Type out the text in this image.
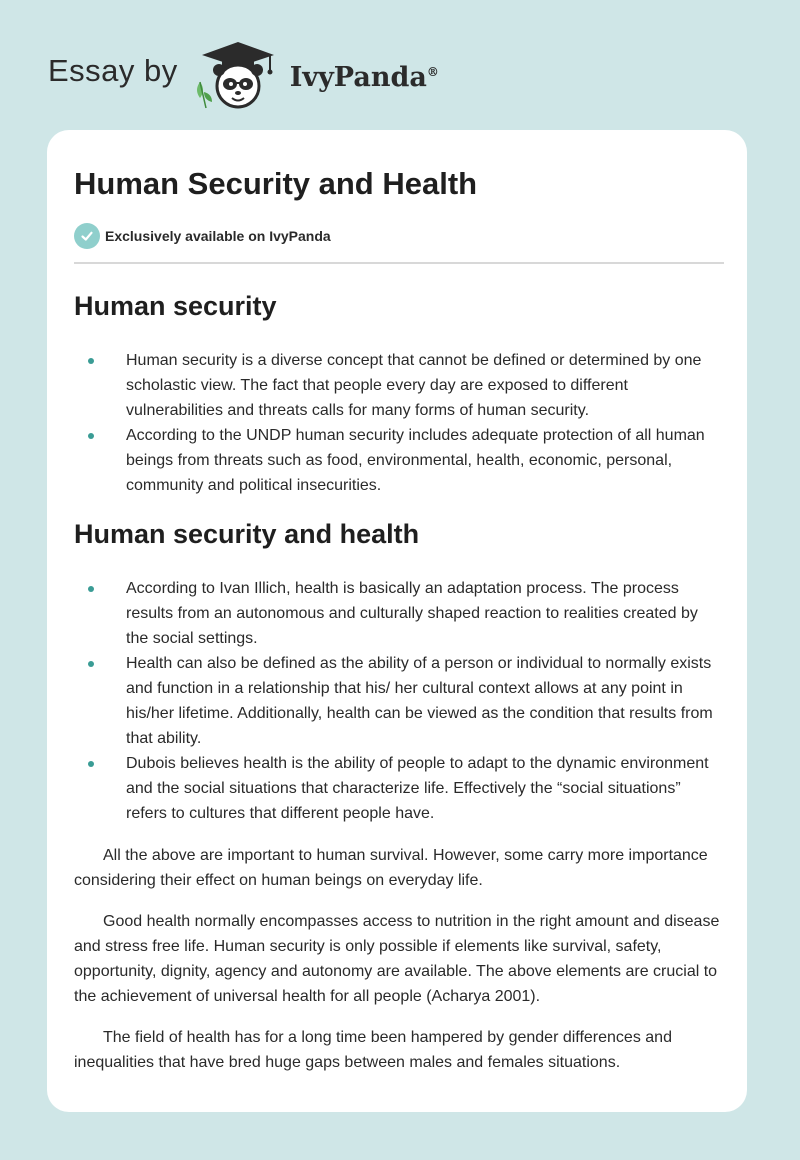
Essay by	IvyPanda®
Human Security and Health
Exclusively available on IvyPanda
Human security
Human security is a diverse concept that cannot be defined or determined by one scholastic view. The fact that people every day are exposed to different vulnerabilities and threats calls for many forms of human security.
According to the UNDP human security includes adequate protection of all human beings from threats such as food, environmental, health, economic, personal, community and political insecurities.
Human security and health
According to Ivan Illich, health is basically an adaptation process. The process results from an autonomous and culturally shaped reaction to realities created by the social settings.
Health can also be defined as the ability of a person or individual to normally exists and function in a relationship that his/ her cultural context allows at any point in his/her lifetime. Additionally, health can be viewed as the condition that results from that ability.
Dubois believes health is the ability of people to adapt to the dynamic environment and the social situations that characterize life. Effectively the “social situations” refers to cultures that different people have.

All the above are important to human survival. However, some carry more importance considering their effect on human beings on everyday life.

Good health normally encompasses access to nutrition in the right amount and disease and stress free life. Human security is only possible if elements like survival, safety, opportunity, dignity, agency and autonomy are available. The above elements are crucial to the achievement of universal health for all people (Acharya 2001).

The field of health has for a long time been hampered by gender differences and inequalities that have bred huge gaps between males and females situations.
